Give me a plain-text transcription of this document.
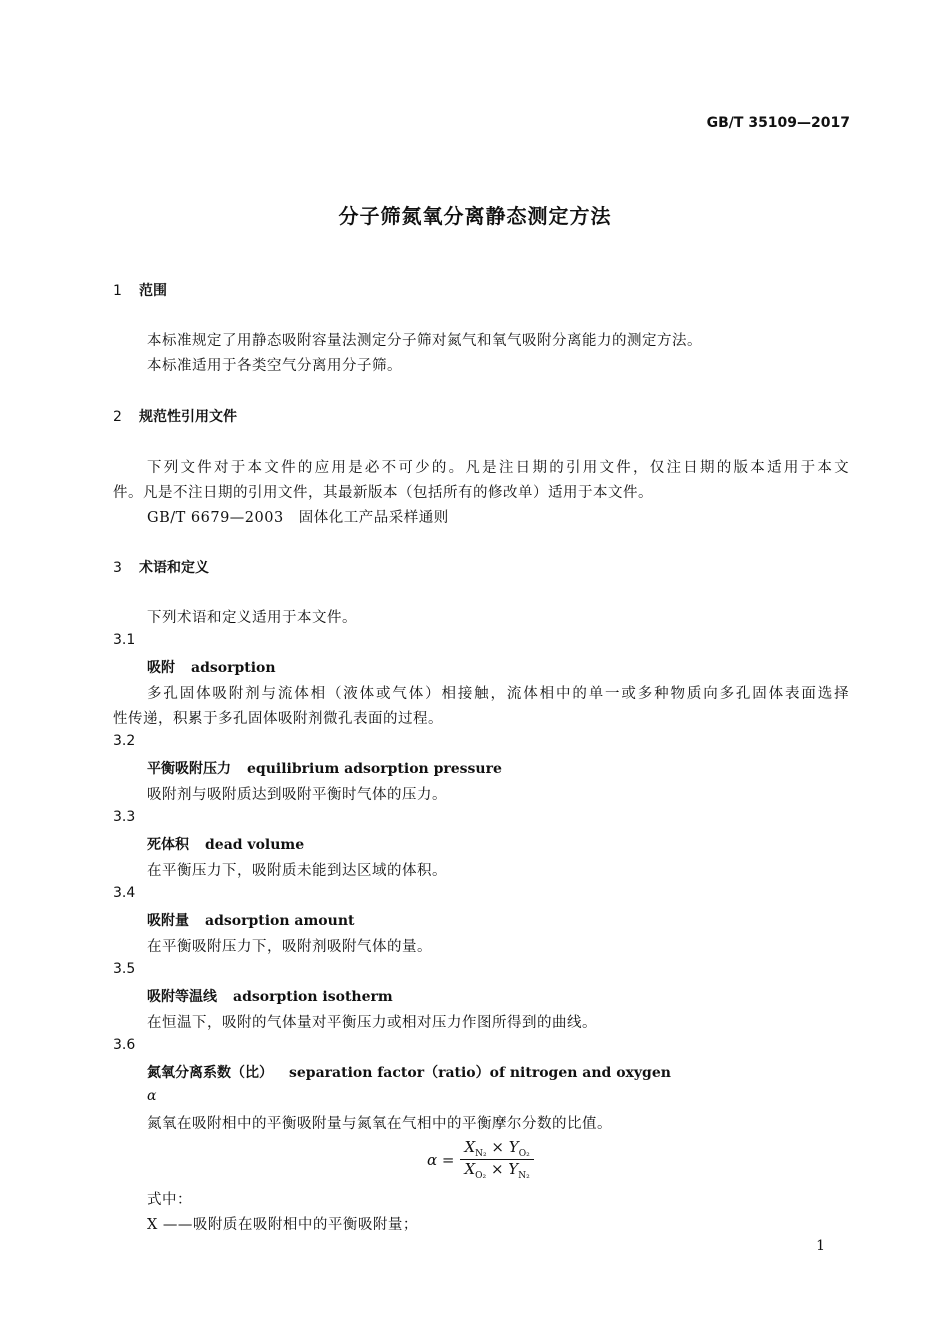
GB/T 35109—2017

分子筛氮氧分离静态测定方法

1 范围

本标准规定了用静态吸附容量法测定分子筛对氮气和氧气吸附分离能力的测定方法。

本标准适用于各类空气分离用分子筛。

2 规范性引用文件

下列文件对于本文件的应用是必不可少的。凡是注日期的引用文件，仅注日期的版本适用于本文

件。凡是不注日期的引用文件，其最新版本（包括所有的修改单）适用于本文件。

GB/T 6679—2003　固体化工产品采样通则

3 术语和定义

下列术语和定义适用于本文件。

3.1

吸附 adsorption

多孔固体吸附剂与流体相（液体或气体）相接触，流体相中的单一或多种物质向多孔固体表面选择

性传递，积累于多孔固体吸附剂微孔表面的过程。

3.2

平衡吸附压力 equilibrium adsorption pressure

吸附剂与吸附质达到吸附平衡时气体的压力。

3.3

死体积 dead volume

在平衡压力下，吸附质未能到达区域的体积。

3.4

吸附量 adsorption amount

在平衡吸附压力下，吸附剂吸附气体的量。

3.5

吸附等温线 adsorption isotherm

在恒温下，吸附的气体量对平衡压力或相对压力作图所得到的曲线。

3.6

氮氧分离系数（比） separation factor（ratio）of nitrogen and oxygen

α

氮氧在吸附相中的平衡吸附量与氮氧在气相中的平衡摩尔分数的比值。

$\alpha = \frac{X_{N_2} \times Y_{O_2}}{X_{O_2} \times Y_{N_2}}$

式中：

X ——吸附质在吸附相中的平衡吸附量；

1
